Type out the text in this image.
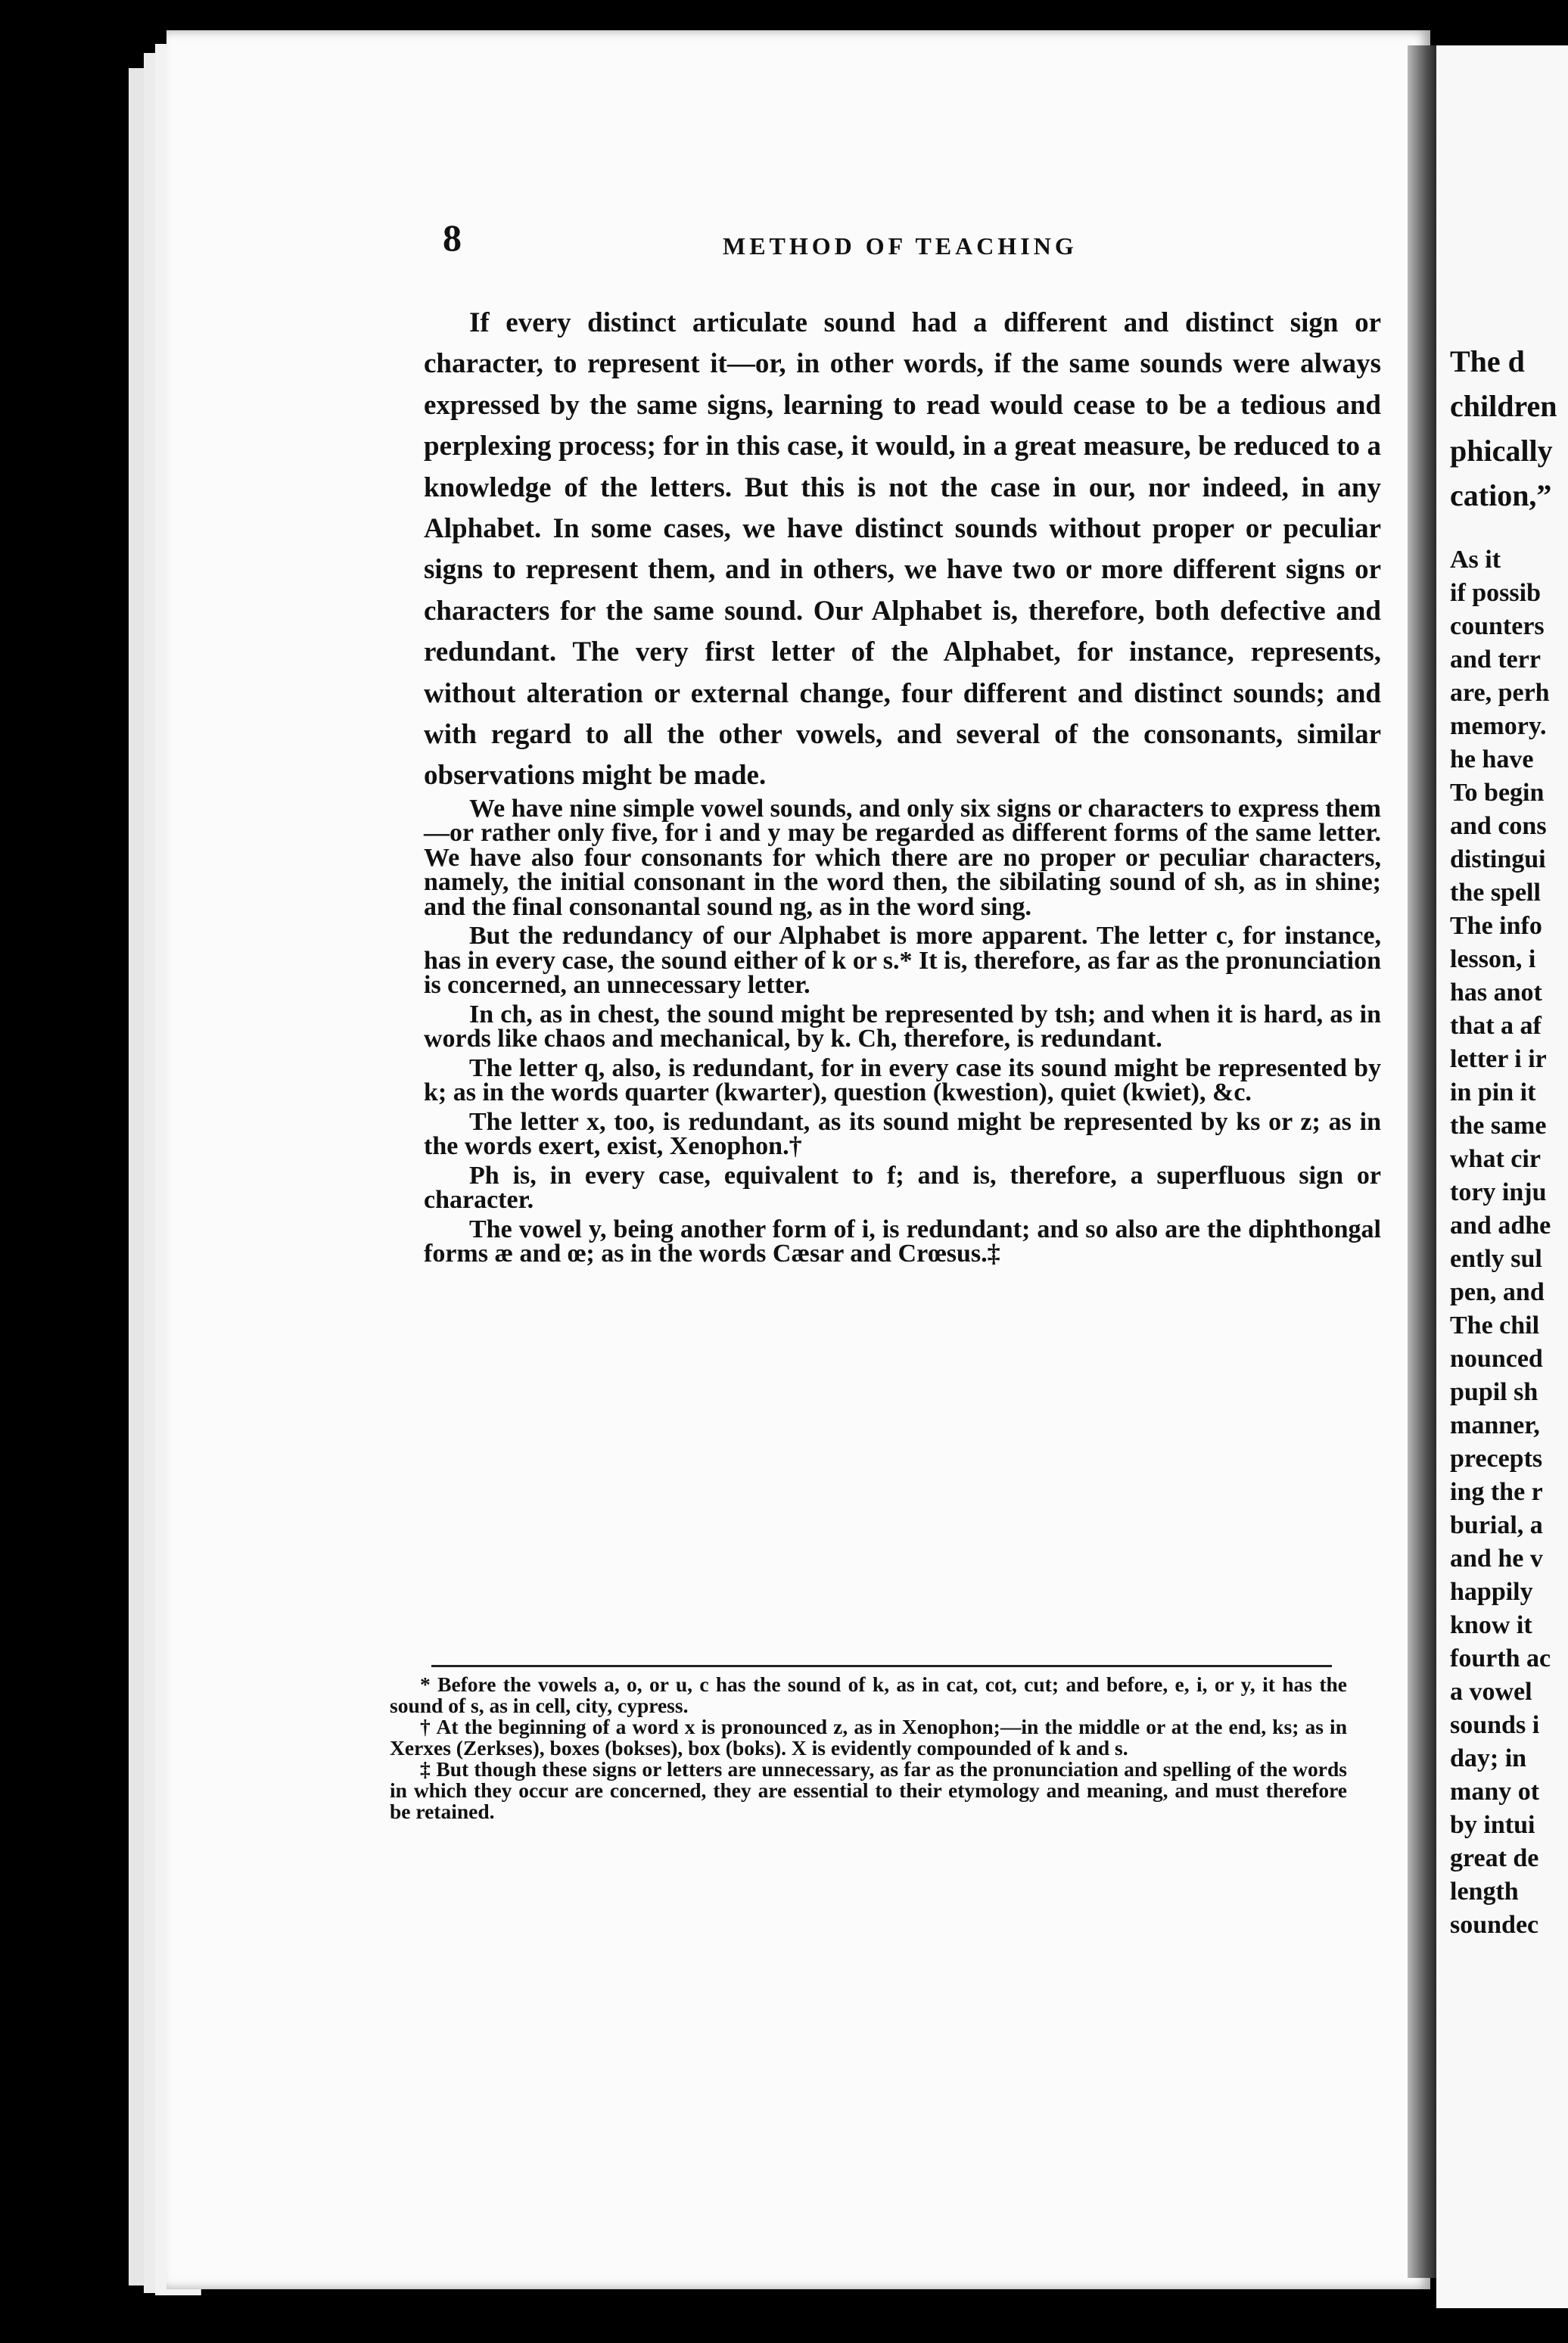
8	METHOD OF TEACHING

If every distinct articulate sound had a different and distinct sign or character, to represent it—or, in other words, if the same sounds were always expressed by the same signs, learning to read would cease to be a tedious and perplexing process; for in this case, it would, in a great measure, be reduced to a knowledge of the letters. But this is not the case in our, nor indeed, in any Alphabet. In some cases, we have distinct sounds without proper or peculiar signs to represent them, and in others, we have two or more different signs or characters for the same sound. Our Alphabet is, therefore, both defective and redundant. The very first letter of the Alphabet, for instance, represents, without alteration or external change, four different and distinct sounds; and with regard to all the other vowels, and several of the consonants, similar observations might be made.

We have nine simple vowel sounds, and only six signs or characters to express them—or rather only five, for i and y may be regarded as different forms of the same letter. We have also four consonants for which there are no proper or peculiar characters, namely, the initial consonant in the word then, the sibilating sound of sh, as in shine; and the final consonantal sound ng, as in the word sing.

But the redundancy of our Alphabet is more apparent. The letter c, for instance, has in every case, the sound either of k or s.* It is, therefore, as far as the pronunciation is concerned, an unnecessary letter.

In ch, as in chest, the sound might be represented by tsh; and when it is hard, as in words like chaos and mechanical, by k. Ch, therefore, is redundant.

The letter q, also, is redundant, for in every case its sound might be represented by k; as in the words quarter (kwarter), question (kwestion), quiet (kwiet), &c.

The letter x, too, is redundant, as its sound might be represented by ks or z; as in the words exert, exist, Xenophon.†

Ph is, in every case, equivalent to f; and is, therefore, a superfluous sign or character.

The vowel y, being another form of i, is redundant; and so also are the diphthongal forms æ and œ; as in the words Cæsar and Crœsus.‡

* Before the vowels a, o, or u, c has the sound of k, as in cat, cot, cut; and before, e, i, or y, it has the sound of s, as in cell, city, cypress.

† At the beginning of a word x is pronounced z, as in Xenophon;—in the middle or at the end, ks; as in Xerxes (Zerkses), boxes (bokses), box (boks). X is evidently compounded of k and s.

‡ But though these signs or letters are unnecessary, as far as the pronunciation and spelling of the words in which they occur are concerned, they are essential to their etymology and meaning, and must therefore be retained.

The d
children
phically
cation,”
As it
if possib
counters
and terr
are, perh
memory.
he have
To begin
and cons
distingui
the spell
The info
lesson, i
has anot
that a af
letter i ir
in pin it
the same
what cir
tory inju
and adhe
ently sul
pen, and
The chil
nounced
pupil sh
manner,
precepts
ing the r
burial, a
and he v
happily
know it
fourth ac
a vowel
sounds i
day; in
many ot
by intui
great de
length
soundec
